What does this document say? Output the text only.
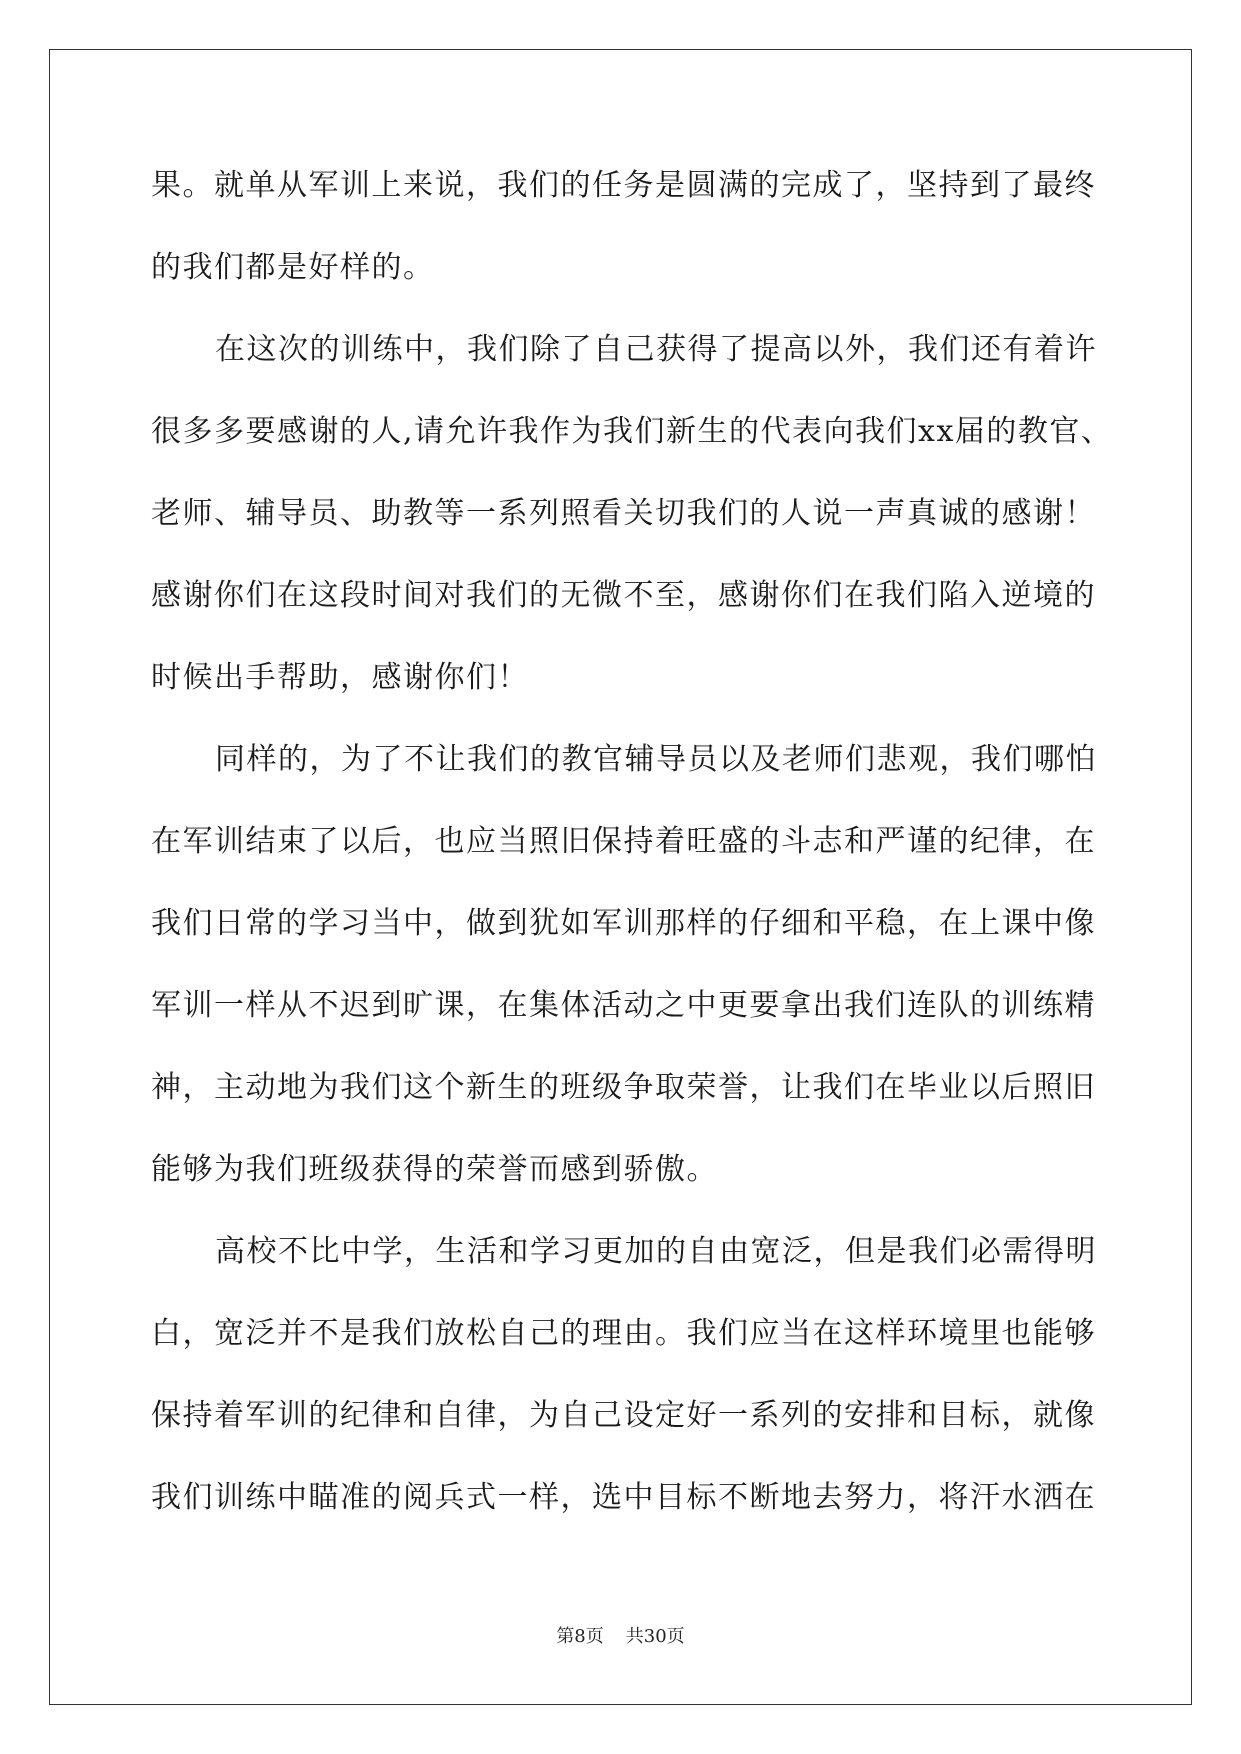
果。就单从军训上来说，我们的任务是圆满的完成了，坚持到了最终
的我们都是好样的。
在这次的训练中，我们除了自己获得了提高以外，我们还有着许
很多多要感谢的人,请允许我作为我们新生的代表向我们xx届的教官、
老师、辅导员、助教等一系列照看关切我们的人说一声真诚的感谢！
感谢你们在这段时间对我们的无微不至，感谢你们在我们陷入逆境的
时候出手帮助，感谢你们！
同样的，为了不让我们的教官辅导员以及老师们悲观，我们哪怕
在军训结束了以后，也应当照旧保持着旺盛的斗志和严谨的纪律，在
我们日常的学习当中，做到犹如军训那样的仔细和平稳，在上课中像
军训一样从不迟到旷课，在集体活动之中更要拿出我们连队的训练精
神，主动地为我们这个新生的班级争取荣誉，让我们在毕业以后照旧
能够为我们班级获得的荣誉而感到骄傲。
高校不比中学，生活和学习更加的自由宽泛，但是我们必需得明
白，宽泛并不是我们放松自己的理由。我们应当在这样环境里也能够
保持着军训的纪律和自律，为自己设定好一系列的安排和目标，就像
我们训练中瞄准的阅兵式一样，选中目标不断地去努力，将汗水洒在
第8页 共30页
